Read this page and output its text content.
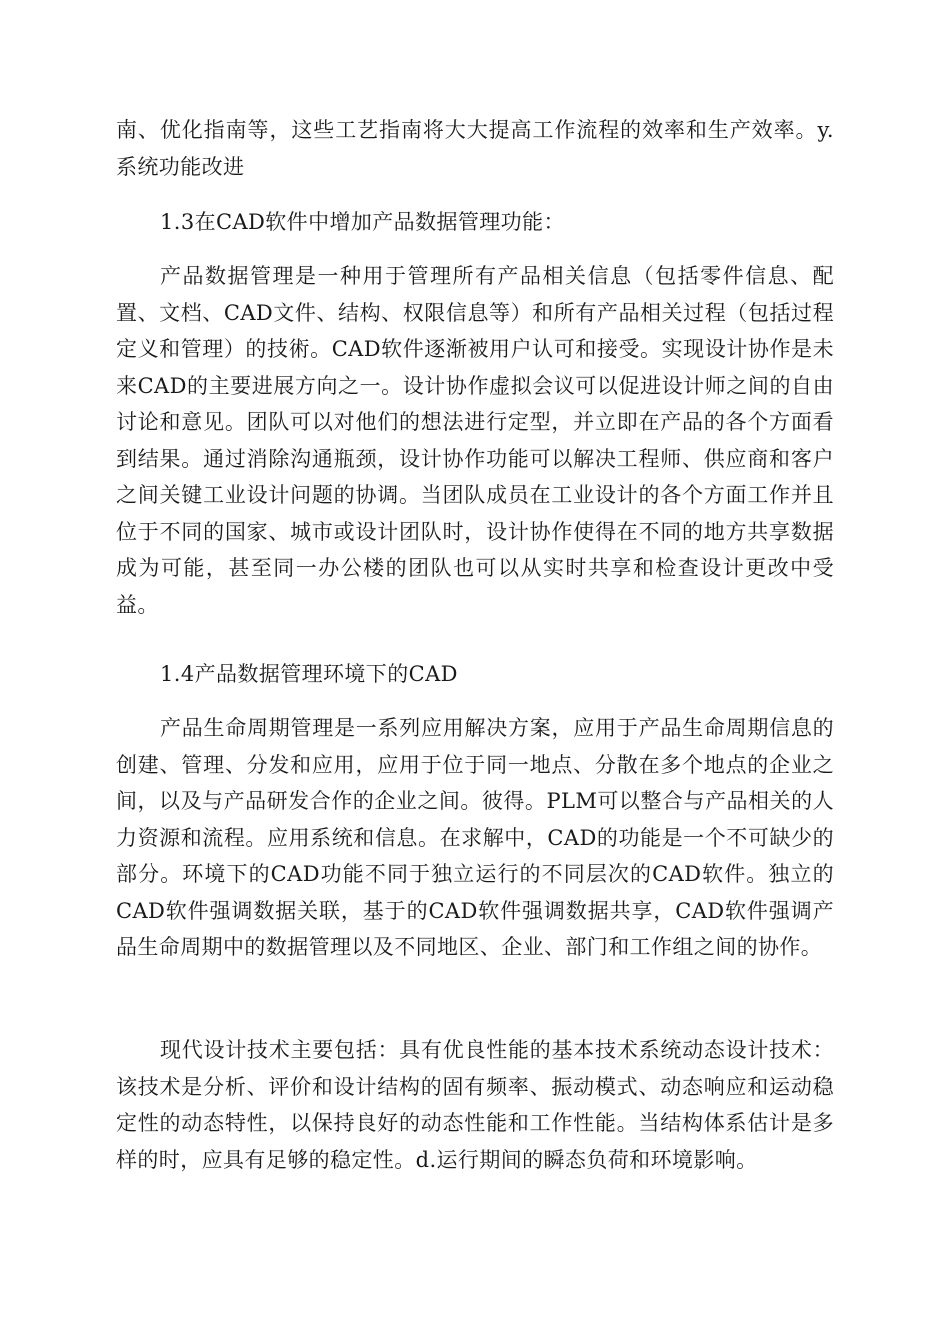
南、优化指南等，这些工艺指南将大大提高工作流程的效率和生产效率。y.系统功能改进

1.3在CAD软件中增加产品数据管理功能：

产品数据管理是一种用于管理所有产品相关信息（包括零件信息、配置、文档、CAD文件、结构、权限信息等）和所有产品相关过程（包括过程定义和管理）的技術。CAD软件逐渐被用户认可和接受。实现设计协作是未来CAD的主要进展方向之一。设计协作虚拟会议可以促进设计师之间的自由讨论和意见。团队可以对他们的想法进行定型，并立即在产品的各个方面看到结果。通过消除沟通瓶颈，设计协作功能可以解决工程师、供应商和客户之间关键工业设计问题的协调。当团队成员在工业设计的各个方面工作并且位于不同的国家、城市或设计团队时，设计协作使得在不同的地方共享数据成为可能，甚至同一办公楼的团队也可以从实时共享和检查设计更改中受益。

1.4产品数据管理环境下的CAD

产品生命周期管理是一系列应用解决方案，应用于产品生命周期信息的创建、管理、分发和应用，应用于位于同一地点、分散在多个地点的企业之间，以及与产品研发合作的企业之间。彼得。PLM可以整合与产品相关的人力资源和流程。应用系统和信息。在求解中，CAD的功能是一个不可缺少的部分。环境下的CAD功能不同于独立运行的不同层次的CAD软件。独立的CAD软件强调数据关联，基于的CAD软件强调数据共享，CAD软件强调产品生命周期中的数据管理以及不同地区、企业、部门和工作组之间的协作。

现代设计技术主要包括：具有优良性能的基本技术系统动态设计技术：该技术是分析、评价和设计结构的固有频率、振动模式、动态响应和运动稳定性的动态特性，以保持良好的动态性能和工作性能。当结构体系估计是多样的时，应具有足够的稳定性。d.运行期间的瞬态负荷和环境影响。
